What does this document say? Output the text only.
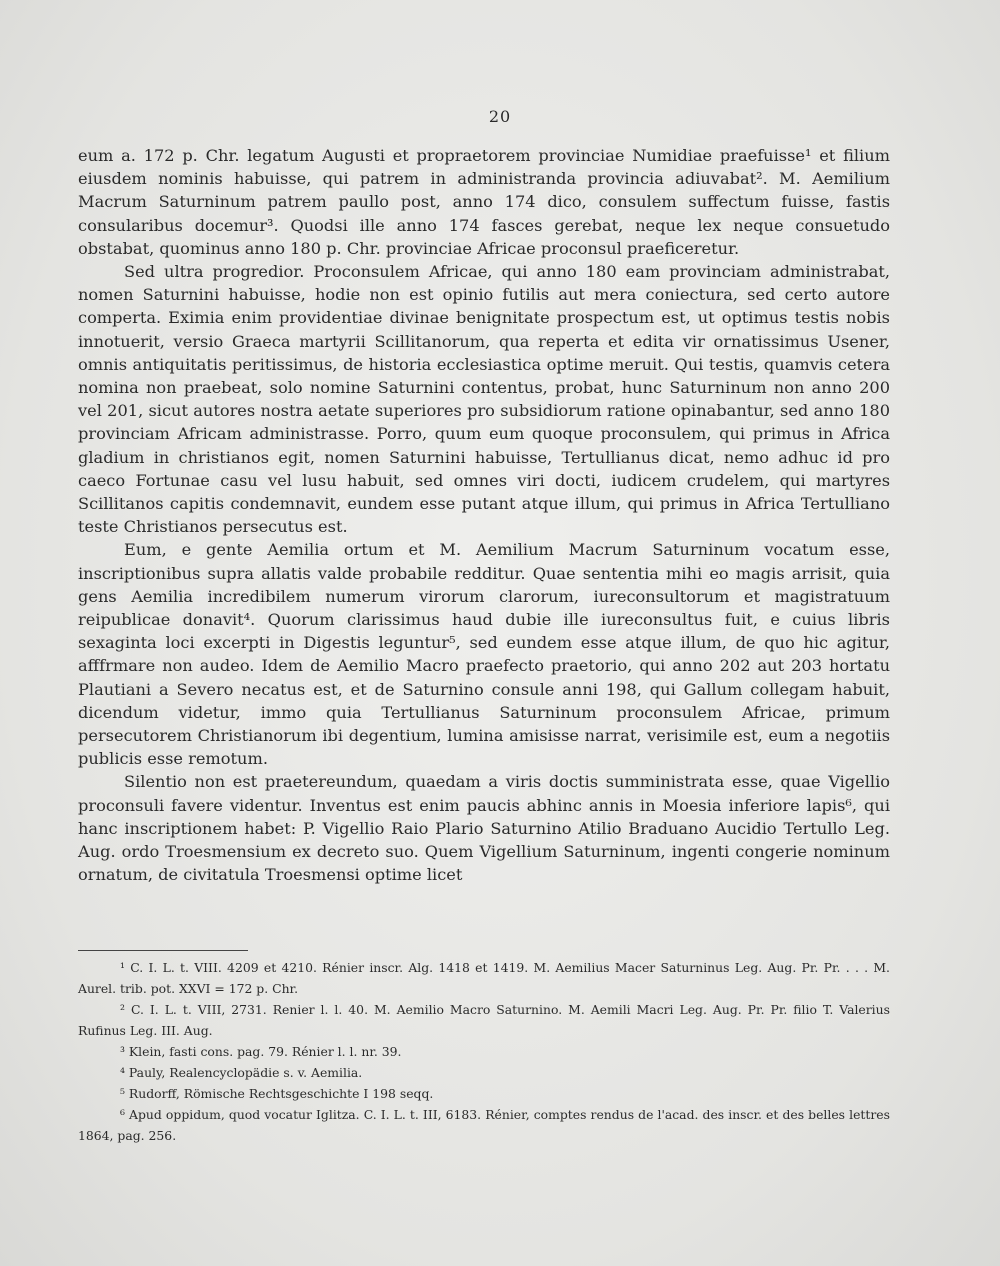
20

eum a. 172 p. Chr. legatum Augusti et propraetorem provinciae Numidiae praefuisse¹ et filium eiusdem nominis habuisse, qui patrem in administranda provincia adiuvabat². M. Aemilium Macrum Saturninum patrem paullo post, anno 174 dico, consulem suffectum fuisse, fastis consularibus docemur³. Quodsi ille anno 174 fasces gerebat, neque lex neque consuetudo obstabat, quominus anno 180 p. Chr. provinciae Africae proconsul praeficeretur.

Sed ultra progredior. Proconsulem Africae, qui anno 180 eam provinciam administrabat, nomen Saturnini habuisse, hodie non est opinio futilis aut mera coniectura, sed certo autore comperta. Eximia enim providentiae divinae benignitate prospectum est, ut optimus testis nobis innotuerit, versio Graeca martyrii Scillitanorum, qua reperta et edita vir ornatissimus Usener, omnis antiquitatis peritissimus, de historia ecclesiastica optime meruit. Qui testis, quamvis cetera nomina non praebeat, solo nomine Saturnini contentus, probat, hunc Saturninum non anno 200 vel 201, sicut autores nostra aetate superiores pro subsidiorum ratione opinabantur, sed anno 180 provinciam Africam administrasse. Porro, quum eum quoque proconsulem, qui primus in Africa gladium in christianos egit, nomen Saturnini habuisse, Tertullianus dicat, nemo adhuc id pro caeco Fortunae casu vel lusu habuit, sed omnes viri docti, iudicem crudelem, qui martyres Scillitanos capitis condemnavit, eundem esse putant atque illum, qui primus in Africa Tertulliano teste Christianos persecutus est.

Eum, e gente Aemilia ortum et M. Aemilium Macrum Saturninum vocatum esse, inscriptionibus supra allatis valde probabile redditur. Quae sententia mihi eo magis arrisit, quia gens Aemilia incredibilem numerum virorum clarorum, iureconsultorum et magistratuum reipublicae donavit⁴. Quorum clarissimus haud dubie ille iureconsultus fuit, e cuius libris sexaginta loci excerpti in Digestis leguntur⁵, sed eundem esse atque illum, de quo hic agitur, afffrmare non audeo. Idem de Aemilio Macro praefecto praetorio, qui anno 202 aut 203 hortatu Plautiani a Severo necatus est, et de Saturnino consule anni 198, qui Gallum collegam habuit, dicendum videtur, immo quia Tertullianus Saturninum proconsulem Africae, primum persecutorem Christianorum ibi degentium, lumina amisisse narrat, verisimile est, eum a negotiis publicis esse remotum.

Silentio non est praetereundum, quaedam a viris doctis sumministrata esse, quae Vigellio proconsuli favere videntur. Inventus est enim paucis abhinc annis in Moesia inferiore lapis⁶, qui hanc inscriptionem habet: P. Vigellio Raio Plario Saturnino Atilio Braduano Aucidio Tertullo Leg. Aug. ordo Troesmensium ex decreto suo. Quem Vigellium Saturninum, ingenti congerie nominum ornatum, de civitatula Troesmensi optime licet

¹ C. I. L. t. VIII. 4209 et 4210. Rénier inscr. Alg. 1418 et 1419. M. Aemilius Macer Saturninus Leg. Aug. Pr. Pr. . . . M. Aurel. trib. pot. XXVI = 172 p. Chr.

² C. I. L. t. VIII, 2731. Renier l. l. 40. M. Aemilio Macro Saturnino. M. Aemili Macri Leg. Aug. Pr. Pr. filio T. Valerius Rufinus Leg. III. Aug.

³ Klein, fasti cons. pag. 79. Rénier l. l. nr. 39.

⁴ Pauly, Realencyclopädie s. v. Aemilia.

⁵ Rudorff, Römische Rechtsgeschichte I 198 seqq.

⁶ Apud oppidum, quod vocatur Iglitza. C. I. L. t. III, 6183. Rénier, comptes rendus de l'acad. des inscr. et des belles lettres 1864, pag. 256.
